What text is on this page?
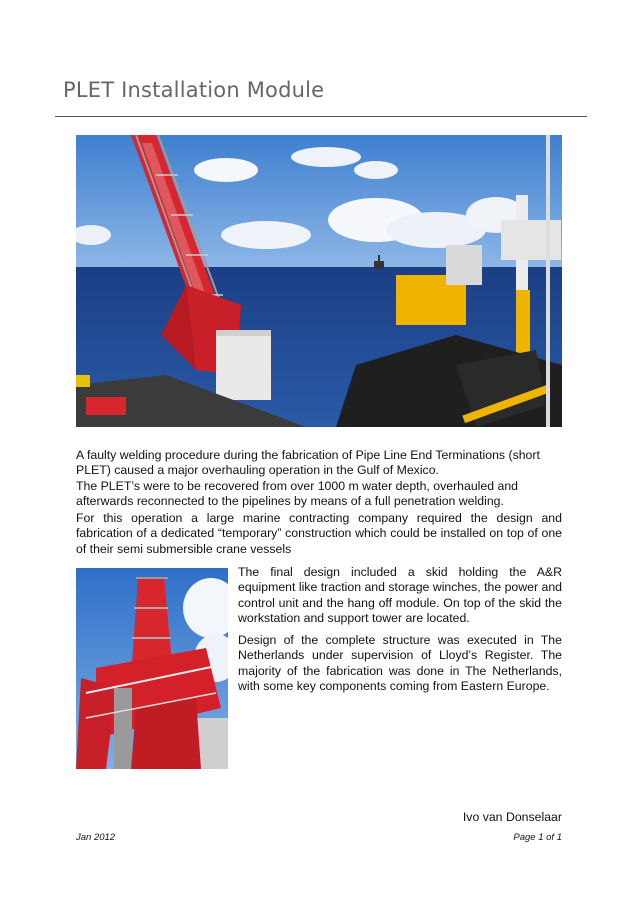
PLET Installation Module

A faulty welding procedure during the fabrication of Pipe Line End Terminations (short PLET) caused a major overhauling operation in the Gulf of Mexico.
The PLET’s were to be recovered from over 1000 m water depth, overhauled and afterwards reconnected to the pipelines by means of a full penetration welding.

For this operation a large marine contracting company required the design and fabrication of a dedicated “temporary” construction which could be installed on top of one of their semi submersible crane vessels

The final design included a skid holding the A&R equipment like traction and storage winches, the power and control unit and the hang off module. On top of the skid the workstation and support tower are located.

Design of the complete structure was executed in The Netherlands under supervision of Lloyd’s Register. The majority of the fabrication was done in The Netherlands, with some key components coming from Eastern Europe.

Ivo van Donselaar
Jan 2012	Page 1 of 1
